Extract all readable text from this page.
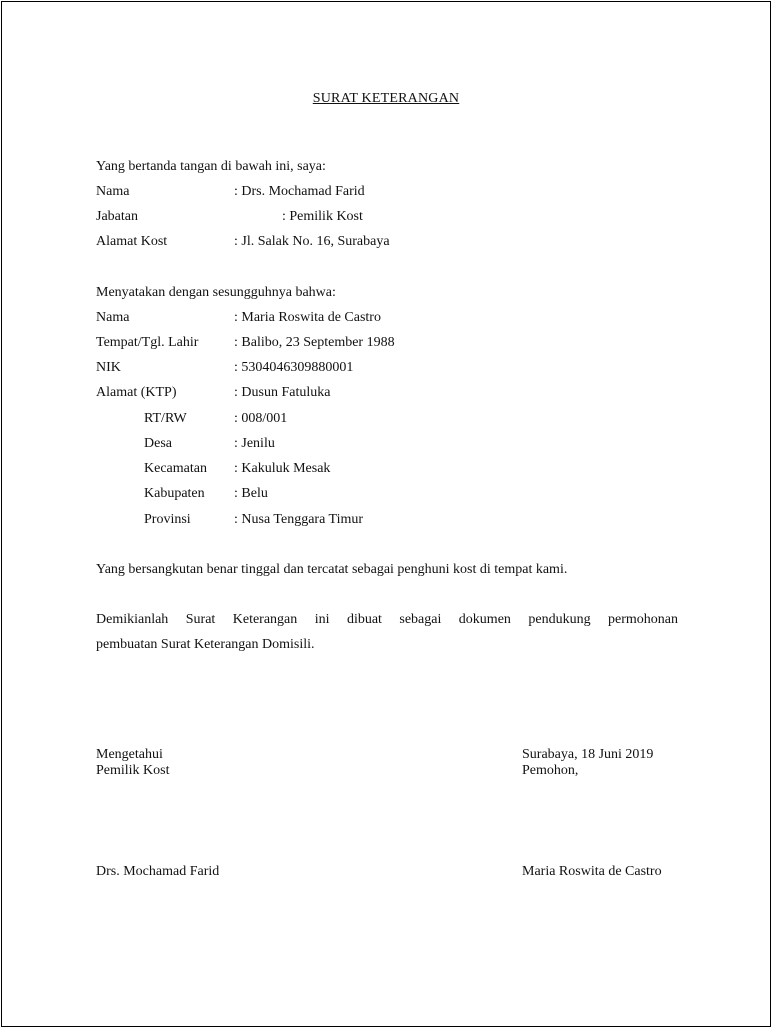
SURAT KETERANGAN
Yang bertanda tangan di bawah ini, saya:
Nama	: Drs. Mochamad Farid
Jabatan	: Pemilik Kost
Alamat Kost	: Jl. Salak No. 16, Surabaya
Menyatakan dengan sesungguhnya bahwa:
Nama	: Maria Roswita de Castro
Tempat/Tgl. Lahir	: Balibo, 23 September 1988
NIK	: 5304046309880001
Alamat (KTP)	: Dusun Fatuluka
RT/RW	: 008/001
Desa	: Jenilu
Kecamatan : Kakuluk Mesak
Kabupaten : Belu
Provinsi	: Nusa Tenggara Timur
Yang bersangkutan benar tinggal dan tercatat sebagai penghuni kost di tempat kami.
Demikianlah Surat Keterangan ini dibuat sebagai dokumen pendukung permohonan
pembuatan Surat Keterangan Domisili.
Mengetahui
Pemilik Kost
Drs. Mochamad Farid
Surabaya, 18 Juni 2019
Pemohon,
Maria Roswita de Castro
